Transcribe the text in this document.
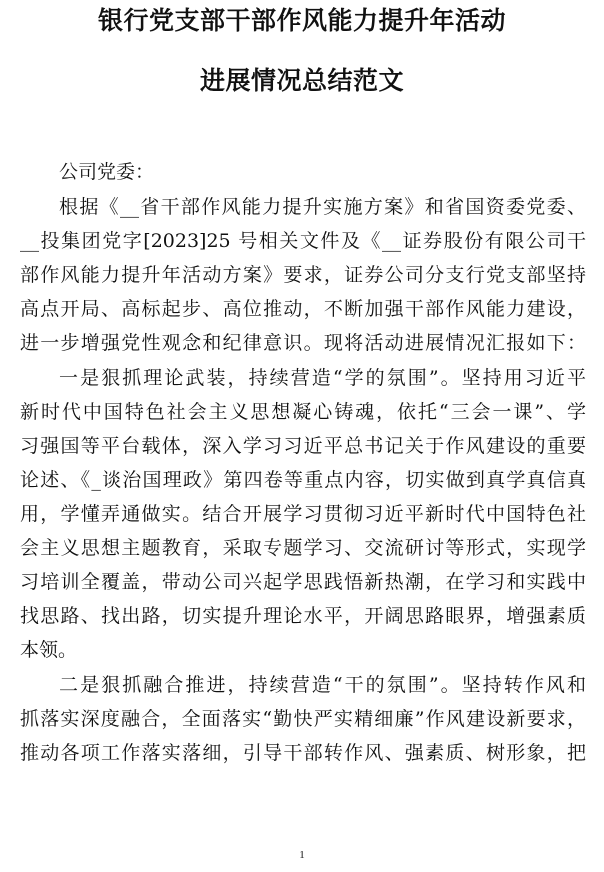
银行党支部干部作风能力提升年活动
进展情况总结范文
公司党委：
根据《__省干部作风能力提升实施方案》和省国资委党委、
__投集团党字[2023]25 号相关文件及《__证券股份有限公司干
部作风能力提升年活动方案》要求，证券公司分支行党支部坚持
高点开局、高标起步、高位推动，不断加强干部作风能力建设，
进一步增强党性观念和纪律意识。现将活动进展情况汇报如下：
一是狠抓理论武装，持续营造“学的氛围”。坚持用习近平
新时代中国特色社会主义思想凝心铸魂，依托“三会一课”、学
习强国等平台载体，深入学习习近平总书记关于作风建设的重要
论述、《_谈治国理政》第四卷等重点内容，切实做到真学真信真
用，学懂弄通做实。结合开展学习贯彻习近平新时代中国特色社
会主义思想主题教育，采取专题学习、交流研讨等形式，实现学
习培训全覆盖，带动公司兴起学思践悟新热潮，在学习和实践中
找思路、找出路，切实提升理论水平，开阔思路眼界，增强素质
本领。
二是狠抓融合推进，持续营造“干的氛围”。坚持转作风和
抓落实深度融合，全面落实“勤快严实精细廉”作风建设新要求，
推动各项工作落实落细，引导干部转作风、强素质、树形象，把
1
